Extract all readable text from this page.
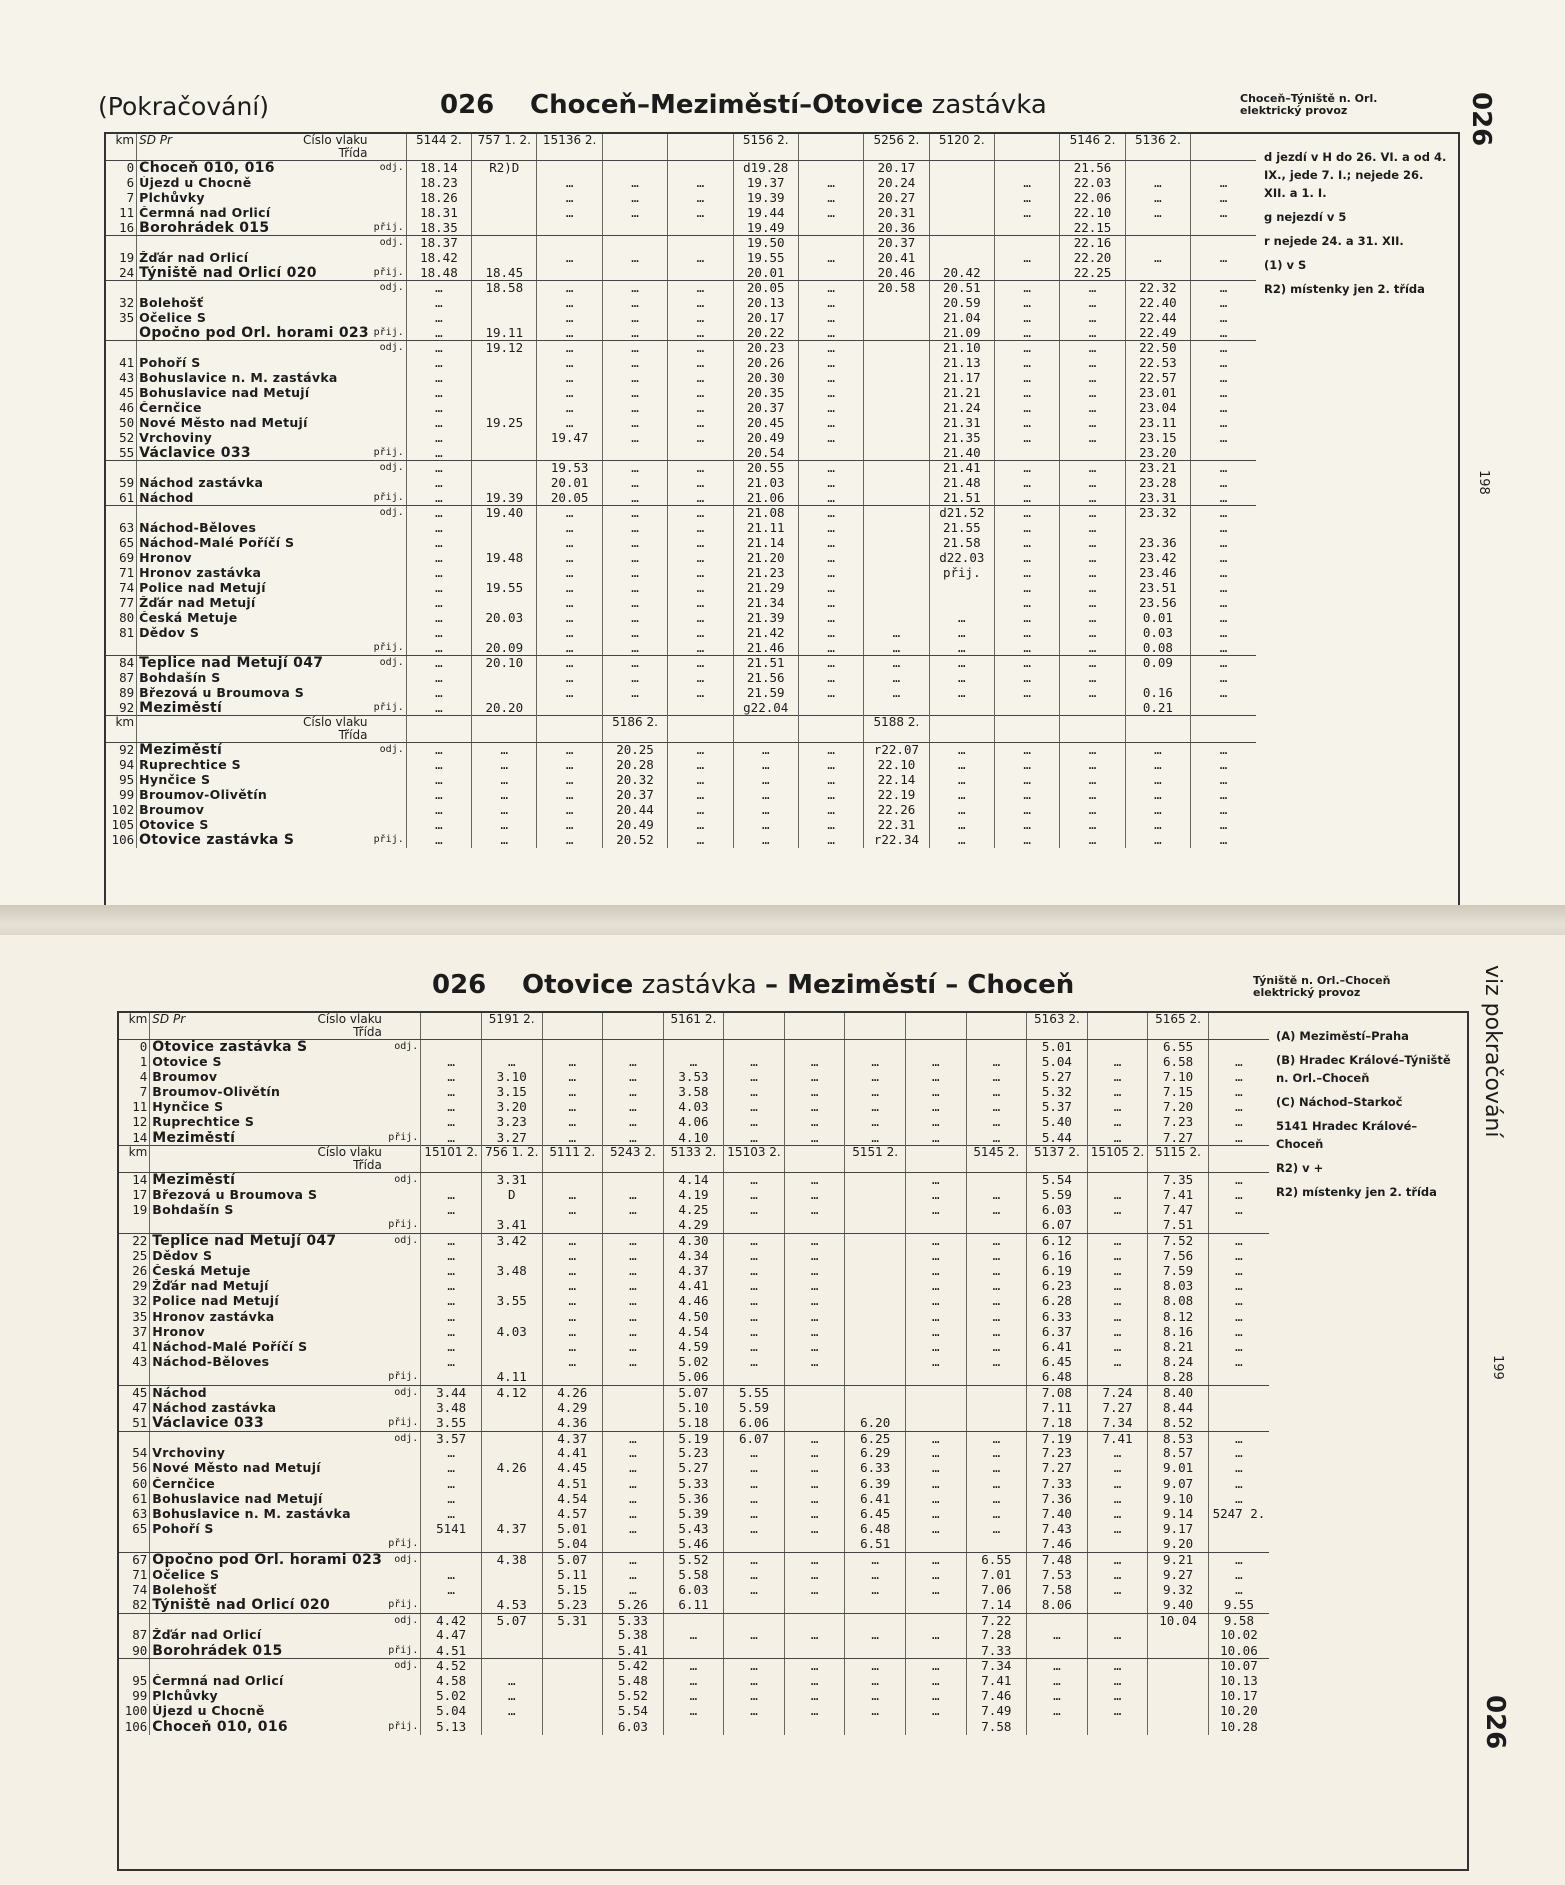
(Pokračování)	026 Choceň–Meziměstí–Otovice zastávka	Choceň–Týniště n. Orl. elektrický provoz	026
198
km	SD Pr Číslo vlaku
Třída		5144 2.	757 1. 2.	15136 2.			5156 2.		5256 2.	5120 2.		5146 2.	5136 2.	
0	Choceň 010, 016	odj.	18.14	R2)D				d19.28		20.17			21.56		
6	Újezd u Chocně		18.23		…	…	…	19.37	…	20.24		…	22.03	…	…
7	Plchůvky		18.26		…	…	…	19.39	…	20.27		…	22.06	…	…
11	Čermná nad Orlicí		18.31		…	…	…	19.44	…	20.31		…	22.10	…	…
16	Borohrádek 015	přij.	18.35					19.49		20.36			22.15		
		odj.	18.37					19.50		20.37			22.16		
19	Žďár nad Orlicí		18.42		…	…	…	19.55	…	20.41		…	22.20	…	…
24	Týniště nad Orlicí 020	přij.	18.48	18.45				20.01		20.46	20.42		22.25		
		odj.	…	18.58	…	…	…	20.05	…	20.58	20.51	…	…	22.32	…
32	Bolehošť		…		…	…	…	20.13	…		20.59	…	…	22.40	…
35	Očelice S		…		…	…	…	20.17	…		21.04	…	…	22.44	…
	Opočno pod Orl. horami 023	přij.	…	19.11	…	…	…	20.22	…		21.09	…	…	22.49	…
		odj.	…	19.12	…	…	…	20.23	…		21.10	…	…	22.50	…
41	Pohoří S		…		…	…	…	20.26	…		21.13	…	…	22.53	…
43	Bohuslavice n. M. zastávka		…		…	…	…	20.30	…		21.17	…	…	22.57	…
45	Bohuslavice nad Metují		…		…	…	…	20.35	…		21.21	…	…	23.01	…
46	Černčice		…		…	…	…	20.37	…		21.24	…	…	23.04	…
50	Nové Město nad Metují		…	19.25	…	…	…	20.45	…		21.31	…	…	23.11	…
52	Vrchoviny		…		19.47	…	…	20.49	…		21.35	…	…	23.15	…
55	Václavice 033	přij.	…					20.54			21.40			23.20	
		odj.	…		19.53	…	…	20.55	…		21.41	…	…	23.21	…
59	Náchod zastávka		…		20.01	…	…	21.03	…		21.48	…	…	23.28	…
61	Náchod	přij.	…	19.39	20.05	…	…	21.06	…		21.51	…	…	23.31	…
		odj.	…	19.40	…	…	…	21.08	…		d21.52	…	…	23.32	…
63	Náchod-Běloves		…		…	…	…	21.11	…		21.55	…	…		…
65	Náchod-Malé Poříčí S		…		…	…	…	21.14	…		21.58	…	…	23.36	…
69	Hronov		…	19.48	…	…	…	21.20	…		d22.03	…	…	23.42	…
71	Hronov zastávka		…		…	…	…	21.23	…		přij.	…	…	23.46	…
74	Police nad Metují		…	19.55	…	…	…	21.29	…			…	…	23.51	…
77	Žďár nad Metují		…		…	…	…	21.34	…			…	…	23.56	…
80	Česká Metuje		…	20.03	…	…	…	21.39	…		…	…	…	0.01	…
81	Dědov S		…		…	…	…	21.42	…	…	…	…	…	0.03	…
		přij.	…	20.09	…	…	…	21.46	…	…	…	…	…	0.08	…
84	Teplice nad Metují 047	odj.	…	20.10	…	…	…	21.51	…	…	…	…	…	0.09	…
87	Bohdašín S		…		…	…	…	21.56	…	…	…	…	…		…
89	Březová u Broumova S		…		…	…	…	21.59	…	…	…	…	…	0.16	…
92	Meziměstí	přij.	…	20.20				g22.04						0.21	
km	Číslo vlaku
Třída					5186 2.				5188 2.					
92	Meziměstí	odj.	…	…	…	20.25	…	…	…	r22.07	…	…	…	…	…
94	Ruprechtice S		…	…	…	20.28	…	…	…	22.10	…	…	…	…	…
95	Hynčice S		…	…	…	20.32	…	…	…	22.14	…	…	…	…	…
99	Broumov-Olivětín		…	…	…	20.37	…	…	…	22.19	…	…	…	…	…
102	Broumov		…	…	…	20.44	…	…	…	22.26	…	…	…	…	…
105	Otovice S		…	…	…	20.49	…	…	…	22.31	…	…	…	…	…
106	Otovice zastávka S	přij.	…	…	…	20.52	…	…	…	r22.34	…	…	…	…	…
d jezdí v H do 26. VI. a od 4. IX., jede 7. I.; nejede 26. XII. a 1. I.
g nejezdí v 5
r nejede 24. a 31. XII.
(1) v S
R2) místenky jen 2. třída
026 Otovice zastávka – Meziměstí – Choceň	Týniště n. Orl.–Choceň elektrický provoz	viz pokračování
026
199
km	SD Pr Číslo vlaku
Třída			5191 2.			5161 2.						5163 2.		5165 2.	
0	Otovice zastávka S	odj.											5.01		6.55	
1	Otovice S		…	…	…	…	…	…	…	…	…	…	5.04	…	6.58	…
4	Broumov		…	3.10	…	…	3.53	…	…	…	…	…	5.27	…	7.10	…
7	Broumov-Olivětín		…	3.15	…	…	3.58	…	…	…	…	…	5.32	…	7.15	…
11	Hynčice S		…	3.20	…	…	4.03	…	…	…	…	…	5.37	…	7.20	…
12	Ruprechtice S		…	3.23	…	…	4.06	…	…	…	…	…	5.40	…	7.23	…
14	Meziměstí	přij.	…	3.27	…	…	4.10	…	…	…	…	…	5.44	…	7.27	…
km	Číslo vlaku
Třída		15101 2.	756 1. 2.	5111 2.	5243 2.	5133 2.	15103 2.		5151 2.		5145 2.	5137 2.	15105 2.	5115 2.	
14	Meziměstí	odj.		3.31			4.14	…	…		…		5.54		7.35	…
17	Březová u Broumova S		…	D	…	…	4.19	…	…		…	…	5.59	…	7.41	…
19	Bohdašín S		…		…	…	4.25	…	…		…	…	6.03	…	7.47	…
		přij.		3.41			4.29						6.07		7.51	
22	Teplice nad Metují 047	odj.	…	3.42	…	…	4.30	…	…		…	…	6.12	…	7.52	…
25	Dědov S		…		…	…	4.34	…	…		…	…	6.16	…	7.56	…
26	Česká Metuje		…	3.48	…	…	4.37	…	…		…	…	6.19	…	7.59	…
29	Žďár nad Metují		…		…	…	4.41	…	…		…	…	6.23	…	8.03	…
32	Police nad Metují		…	3.55	…	…	4.46	…	…		…	…	6.28	…	8.08	…
35	Hronov zastávka		…		…	…	4.50	…	…		…	…	6.33	…	8.12	…
37	Hronov		…	4.03	…	…	4.54	…	…		…	…	6.37	…	8.16	…
41	Náchod-Malé Poříčí S		…		…	…	4.59	…	…		…	…	6.41	…	8.21	…
43	Náchod-Běloves		…		…	…	5.02	…	…		…	…	6.45	…	8.24	…
		přij.		4.11			5.06						6.48		8.28	
45	Náchod	odj.	3.44	4.12	4.26		5.07	5.55					7.08	7.24	8.40	
47	Náchod zastávka		3.48		4.29		5.10	5.59					7.11	7.27	8.44	
51	Václavice 033	přij.	3.55		4.36		5.18	6.06		6.20			7.18	7.34	8.52	
		odj.	3.57		4.37	…	5.19	6.07	…	6.25	…	…	7.19	7.41	8.53	…
54	Vrchoviny		…		4.41	…	5.23	…	…	6.29	…	…	7.23	…	8.57	…
56	Nové Město nad Metují		…	4.26	4.45	…	5.27	…	…	6.33	…	…	7.27	…	9.01	…
60	Černčice		…		4.51	…	5.33	…	…	6.39	…	…	7.33	…	9.07	…
61	Bohuslavice nad Metují		…		4.54	…	5.36	…	…	6.41	…	…	7.36	…	9.10	…
63	Bohuslavice n. M. zastávka		…		4.57	…	5.39	…	…	6.45	…	…	7.40	…	9.14	5247 2.
65	Pohoří S		5141	4.37	5.01	…	5.43	…	…	6.48	…	…	7.43	…	9.17	
		přij.			5.04		5.46			6.51			7.46		9.20	
67	Opočno pod Orl. horami 023	odj.		4.38	5.07	…	5.52	…	…	…	…	6.55	7.48	…	9.21	…
71	Očelice S		…		5.11	…	5.58	…	…	…	…	7.01	7.53	…	9.27	…
74	Bolehošť		…		5.15	…	6.03	…	…	…	…	7.06	7.58	…	9.32	…
82	Týniště nad Orlicí 020	přij.		4.53	5.23	5.26	6.11					7.14	8.06		9.40	9.55
		odj.	4.42	5.07	5.31	5.33						7.22			10.04	9.58
87	Žďár nad Orlicí		4.47			5.38	…	…	…	…	…	7.28	…	…		10.02
90	Borohrádek 015	přij.	4.51			5.41						7.33				10.06
		odj.	4.52			5.42	…	…	…	…	…	7.34	…	…		10.07
95	Čermná nad Orlicí		4.58	…		5.48	…	…	…	…	…	7.41	…	…		10.13
99	Plchůvky		5.02	…		5.52	…	…	…	…	…	7.46	…	…		10.17
100	Újezd u Chocně		5.04	…		5.54	…	…	…	…	…	7.49	…	…		10.20
106	Choceň 010, 016	přij.	5.13			6.03						7.58				10.28
(A) Meziměstí–Praha
(B) Hradec Králové–Týniště n. Orl.–Choceň
(C) Náchod–Starkoč
5141 Hradec Králové–Choceň
R2) v +
R2) místenky jen 2. třída
